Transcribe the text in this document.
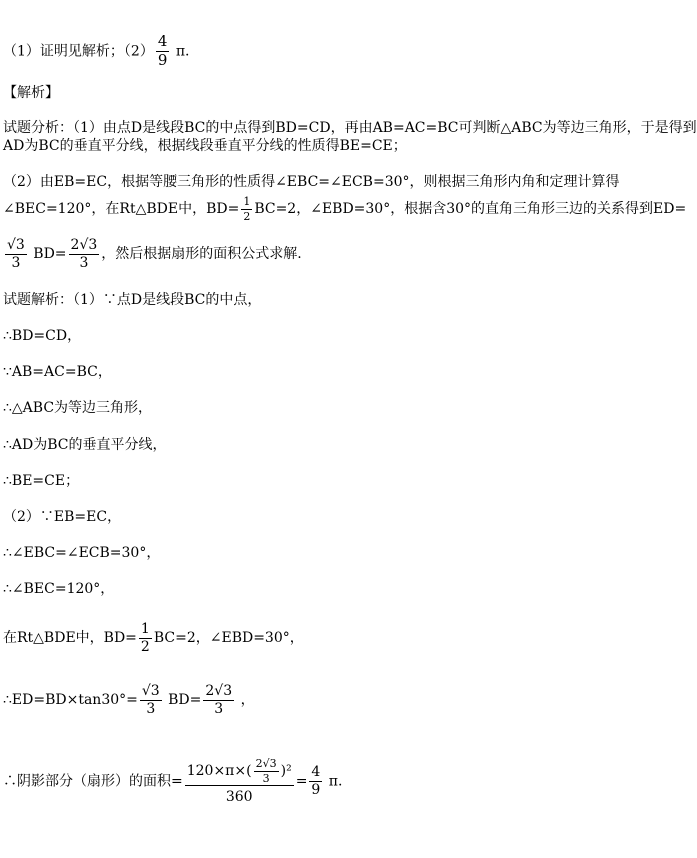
（1）证明见解析；$(2) \frac{4}{9} \pi$.
【解析】
试题分析：（1）由点D是线段BC的中点得到BD=CD，再由AB=AC=BC可判断△ABC为等边三角形，于是得到
AD为BC的垂直平分线，根据线段垂直平分线的性质得BE=CE；
（2）由EB=EC，根据等腰三角形的性质得∠EBC=∠ECB=30°，则根据三角形内角和定理计算得
∠BEC=120°，在Rt△BDE中，$BD= \frac{1}{2} BC=2$，∠EBD=30°，根据含30°的直角三角形三边的关系得到ED=
$\frac{√3}{3} BD= \frac{2√3}{3}$ ，然后根据扇形的面积公式求解.
试题解析：（1）∵点D是线段BC的中点，
∴BD=CD，
∵AB=AC=BC，
∴△ABC为等边三角形，
∴AD为BC的垂直平分线，
∴BE=CE；
（2）∵EB=EC，
∴∠EBC=∠ECB=30°，
∴∠BEC=120°，
在Rt△BDE中，$BD= \frac{1}{2} BC=2$，∠EBD=30°，
∴ED=BD×tan30°= $\frac{√3}{3} BD= \frac{2√3}{3}$ ，
∴阴影部分（扇形）的面积= $\frac{120\times\pi\times( \frac{2√3}{3} )^2}{360} = \frac{4}{9} \pi$.
